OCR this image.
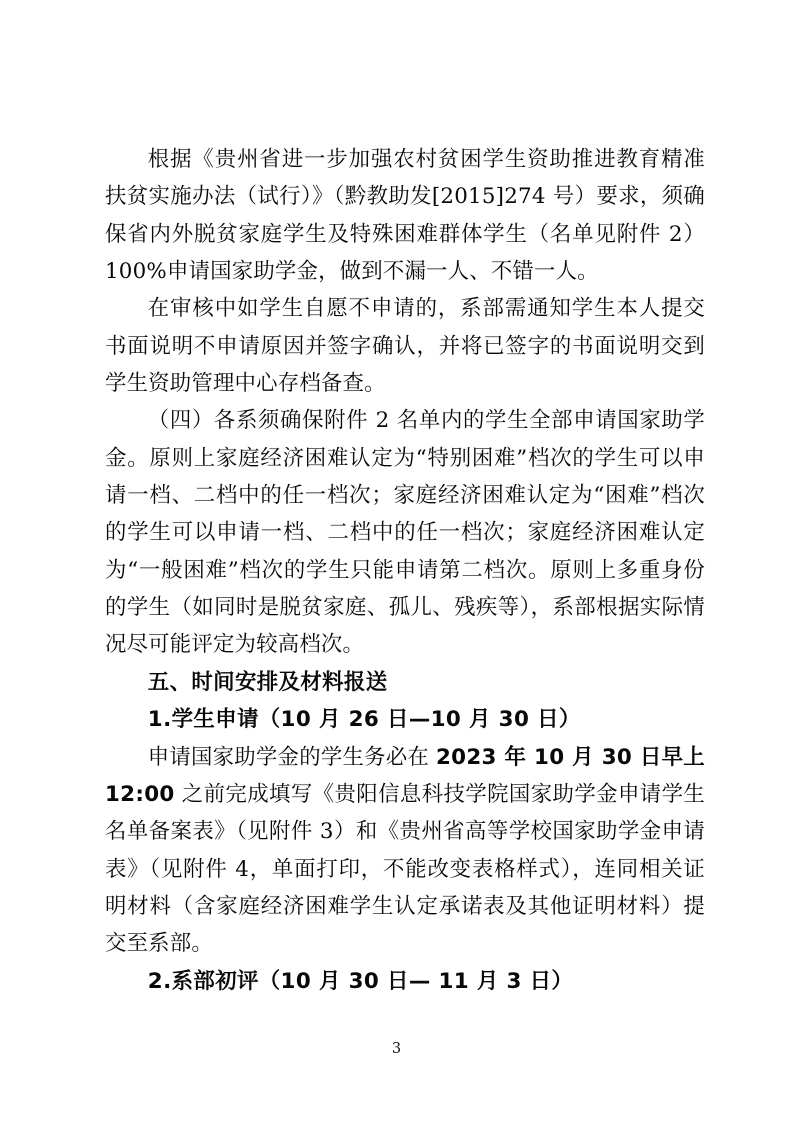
根据《贵州省进一步加强农村贫困学生资助推进教育精准扶贫实施办法（试行）》（黔教助发[2015]274 号）要求，须确保省内外脱贫家庭学生及特殊困难群体学生（名单见附件 2）100%申请国家助学金，做到不漏一人、不错一人。

在审核中如学生自愿不申请的，系部需通知学生本人提交书面说明不申请原因并签字确认，并将已签字的书面说明交到学生资助管理中心存档备查。

（四）各系须确保附件 2 名单内的学生全部申请国家助学金。原则上家庭经济困难认定为“特别困难”档次的学生可以申请一档、二档中的任一档次；家庭经济困难认定为“困难”档次的学生可以申请一档、二档中的任一档次；家庭经济困难认定为“一般困难”档次的学生只能申请第二档次。原则上多重身份的学生（如同时是脱贫家庭、孤儿、残疾等），系部根据实际情况尽可能评定为较高档次。

五、时间安排及材料报送

1.学生申请（10 月 26 日—10 月 30 日）

申请国家助学金的学生务必在 2023 年 10 月 30 日早上 12:00 之前完成填写《贵阳信息科技学院国家助学金申请学生名单备案表》（见附件 3）和《贵州省高等学校国家助学金申请表》（见附件 4，单面打印，不能改变表格样式），连同相关证明材料（含家庭经济困难学生认定承诺表及其他证明材料）提交至系部。

2.系部初评（10 月 30 日— 11 月 3 日）

3
